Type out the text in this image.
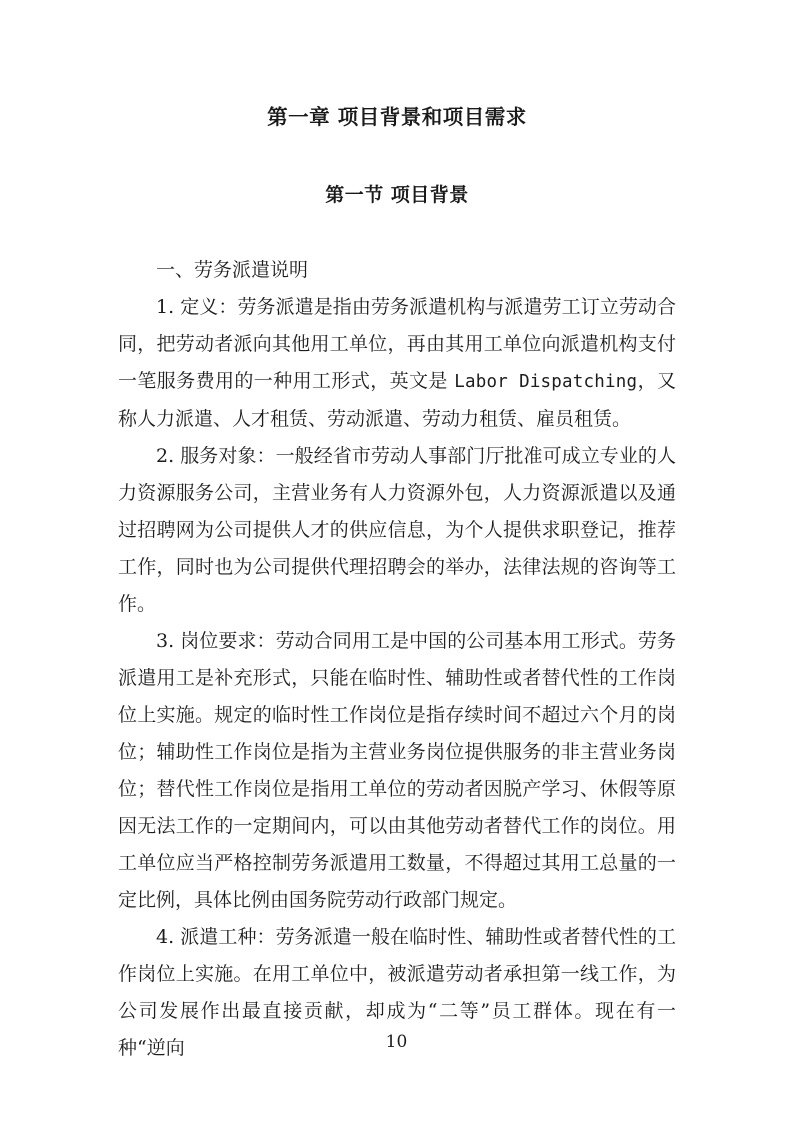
第一章 项目背景和项目需求
第一节 项目背景

一、劳务派遣说明

1. 定义：劳务派遣是指由劳务派遣机构与派遣劳工订立劳动合同，把劳动者派向其他用工单位，再由其用工单位向派遣机构支付一笔服务费用的一种用工形式，英文是 Labor Dispatching，又称人力派遣、人才租赁、劳动派遣、劳动力租赁、雇员租赁。

2. 服务对象：一般经省市劳动人事部门厅批准可成立专业的人力资源服务公司，主营业务有人力资源外包，人力资源派遣以及通过招聘网为公司提供人才的供应信息，为个人提供求职登记，推荐工作，同时也为公司提供代理招聘会的举办，法律法规的咨询等工作。

3. 岗位要求：劳动合同用工是中国的公司基本用工形式。劳务派遣用工是补充形式，只能在临时性、辅助性或者替代性的工作岗位上实施。规定的临时性工作岗位是指存续时间不超过六个月的岗位；辅助性工作岗位是指为主营业务岗位提供服务的非主营业务岗位；替代性工作岗位是指用工单位的劳动者因脱产学习、休假等原因无法工作的一定期间内，可以由其他劳动者替代工作的岗位。用工单位应当严格控制劳务派遣用工数量，不得超过其用工总量的一定比例，具体比例由国务院劳动行政部门规定。

4. 派遣工种：劳务派遣一般在临时性、辅助性或者替代性的工作岗位上实施。在用工单位中，被派遣劳动者承担第一线工作，为公司发展作出最直接贡献，却成为“二等”员工群体。现在有一种“逆向	10
